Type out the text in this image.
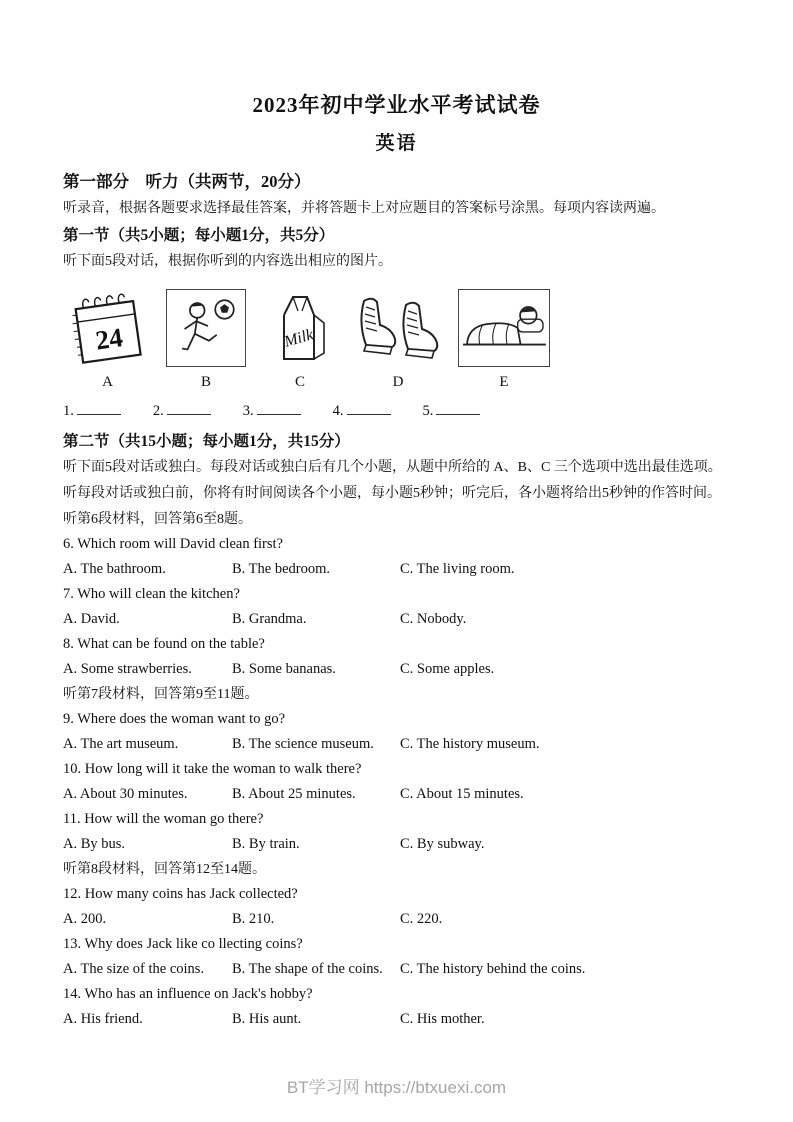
2023年初中学业水平考试试卷
英语

第一部分　听力（共两节，20分）

听录音，根据各题要求选择最佳答案，并将答题卡上对应题目的答案标号涂黑。每项内容读两遍。

第一节（共5小题；每小题1分，共5分）

听下面5段对话，根据你听到的内容选出相应的图片。

24
A	B
Milk
C	D	E
1.	2.	3.	4.	5.

第二节（共15小题；每小题1分，共15分）

听下面5段对话或独白。每段对话或独白后有几个小题，从题中所给的 A、B、C 三个选项中选出最佳选项。听每段对话或独白前，你将有时间阅读各个小题，每小题5秒钟；听完后，各小题将给出5秒钟的作答时间。

听第6段材料，回答第6至8题。

6. Which room will David clean first?

A. The bathroom.	B. The bedroom.	C. The living room.

7. Who will clean the kitchen?

A. David.	B. Grandma.	C. Nobody.

8. What can be found on the table?

A. Some strawberries.	B. Some bananas.	C. Some apples.

听第7段材料，回答第9至11题。

9. Where does the woman want to go?

A. The art museum.	B. The science museum.	C. The history museum.

10. How long will it take the woman to walk there?

A. About 30 minutes.	B. About 25 minutes.	C. About 15 minutes.

11. How will the woman go there?

A. By bus.	B. By train.	C. By subway.

听第8段材料，回答第12至14题。

12. How many coins has Jack collected?

A. 200.	B. 210.	C. 220.

13. Why does Jack like co llecting coins?

A. The size of the coins.	B. The shape of the coins.	C. The history behind the coins.

14. Who has an influence on Jack's hobby?

A. His friend.	B. His aunt.	C. His mother.
BT学习网 https://btxuexi.com
